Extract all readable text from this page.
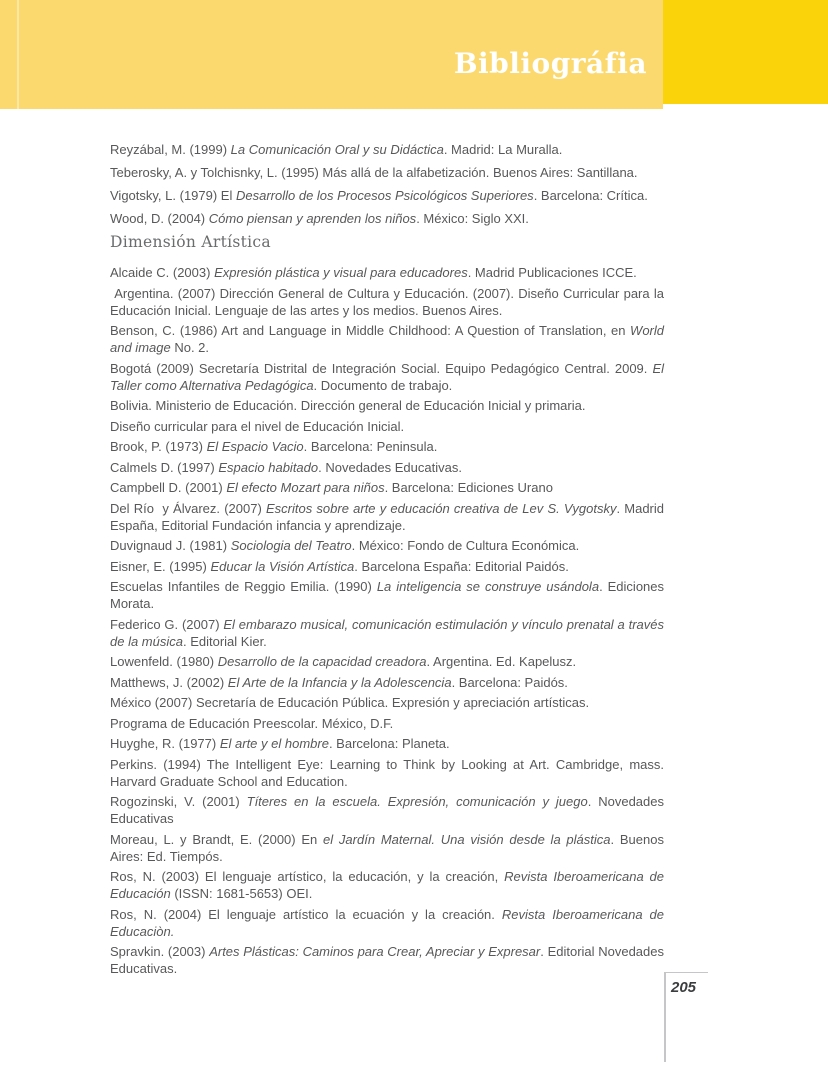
Bibliográfia

Reyzábal, M. (1999) La Comunicación Oral y su Didáctica. Madrid: La Muralla.

Teberosky, A. y Tolchisnky, L. (1995) Más allá de la alfabetización. Buenos Aires: Santillana.

Vigotsky, L. (1979) El Desarrollo de los Procesos Psicológicos Superiores. Barcelona: Crítica.

Wood, D. (2004) Cómo piensan y aprenden los niños. México: Siglo XXI.

Dimensión Artística

Alcaide C. (2003) Expresión plástica y visual para educadores. Madrid Publicaciones ICCE.

Argentina. (2007) Dirección General de Cultura y Educación. (2007). Diseño Curricular para la Educación Inicial. Lenguaje de las artes y los medios. Buenos Aires.

Benson, C. (1986) Art and Language in Middle Childhood: A Question of Translation, en World and image No. 2.

Bogotá (2009) Secretaría Distrital de Integración Social. Equipo Pedagógico Central. 2009. El Taller como Alternativa Pedagógica. Documento de trabajo.

Bolivia. Ministerio de Educación. Dirección general de Educación Inicial y primaria.

Diseño curricular para el nivel de Educación Inicial.

Brook, P. (1973) El Espacio Vacio. Barcelona: Peninsula.

Calmels D. (1997) Espacio habitado. Novedades Educativas.

Campbell D. (2001) El efecto Mozart para niños. Barcelona: Ediciones Urano

Del Río  y Álvarez. (2007) Escritos sobre arte y educación creativa de Lev S. Vygotsky. Madrid España, Editorial Fundación infancia y aprendizaje.

Duvignaud J. (1981) Sociologia del Teatro. México: Fondo de Cultura Económica.

Eisner, E. (1995) Educar la Visión Artística. Barcelona España: Editorial Paidós.

Escuelas Infantiles de Reggio Emilia. (1990) La inteligencia se construye usándola. Ediciones Morata.

Federico G. (2007) El embarazo musical, comunicación estimulación y vínculo prenatal a través de la música. Editorial Kier.

Lowenfeld. (1980) Desarrollo de la capacidad creadora. Argentina. Ed. Kapelusz.

Matthews, J. (2002) El Arte de la Infancia y la Adolescencia. Barcelona: Paidós.

México (2007) Secretaría de Educación Pública. Expresión y apreciación artísticas.

Programa de Educación Preescolar. México, D.F.

Huyghe, R. (1977) El arte y el hombre. Barcelona: Planeta.

Perkins. (1994) The Intelligent Eye: Learning to Think by Looking at Art. Cambridge, mass. Harvard Graduate School and Education.

Rogozinski, V. (2001) Títeres en la escuela. Expresión, comunicación y juego. Novedades Educativas

Moreau, L. y Brandt, E. (2000) En el Jardín Maternal. Una visión desde la plástica. Buenos Aires: Ed. Tiempós.

Ros, N. (2003) El lenguaje artístico, la educación, y la creación, Revista Iberoamericana de Educación (ISSN: 1681-5653) OEI.

Ros, N. (2004) El lenguaje artístico la ecuación y la creación. Revista Iberoamericana de Educaciòn.

Spravkin. (2003) Artes Plásticas: Caminos para Crear, Apreciar y Expresar. Editorial Novedades Educativas.

205
